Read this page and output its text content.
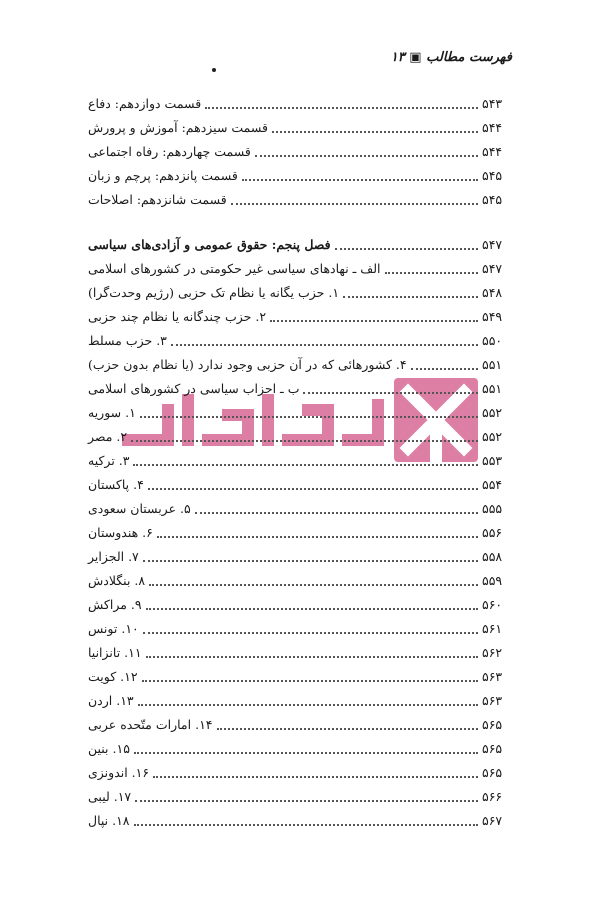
فهرست مطالب ▣ ۱۳
قسمت دوازدهم: دفاع	۵۴۳
قسمت سیزدهم: آموزش و پرورش	۵۴۴
قسمت چهاردهم: رفاه اجتماعی	۵۴۴
قسمت پانزدهم: پرچم و زبان	۵۴۵
قسمت شانزدهم: اصلاحات	۵۴۵
فصل پنجم: حقوق عمومی و آزادی‌های سیاسی	۵۴۷
الف ـ نهادهای سیاسی غیر حکومتی در کشورهای اسلامی	۵۴۷
۱. حزب یگانه یا نظام تک حزبی (رژیم وحدت‌گرا)	۵۴۸
۲. حزب چندگانه یا نظام چند حزبی	۵۴۹
۳. حزب مسلط	۵۵۰
۴. کشورهائی که در آن حزبی وجود ندارد (یا نظام بدون حزب)	۵۵۱
ب ـ احزاب سیاسی در کشورهای اسلامی	۵۵۱
۱. سوریه	۵۵۲
۲. مصر	۵۵۲
۳. ترکیه	۵۵۳
۴. پاکستان	۵۵۴
۵. عربستان سعودی	۵۵۵
۶. هندوستان	۵۵۶
۷. الجزایر	۵۵۸
۸. بنگلادش	۵۵۹
۹. مراکش	۵۶۰
۱۰. تونس	۵۶۱
۱۱. تانزانیا	۵۶۲
۱۲. کویت	۵۶۳
۱۳. اردن	۵۶۳
۱۴. امارات متّحده عربی	۵۶۵
۱۵. بنین	۵۶۵
۱۶. اندونزی	۵۶۵
۱۷. لیبی	۵۶۶
۱۸. نپال	۵۶۷
